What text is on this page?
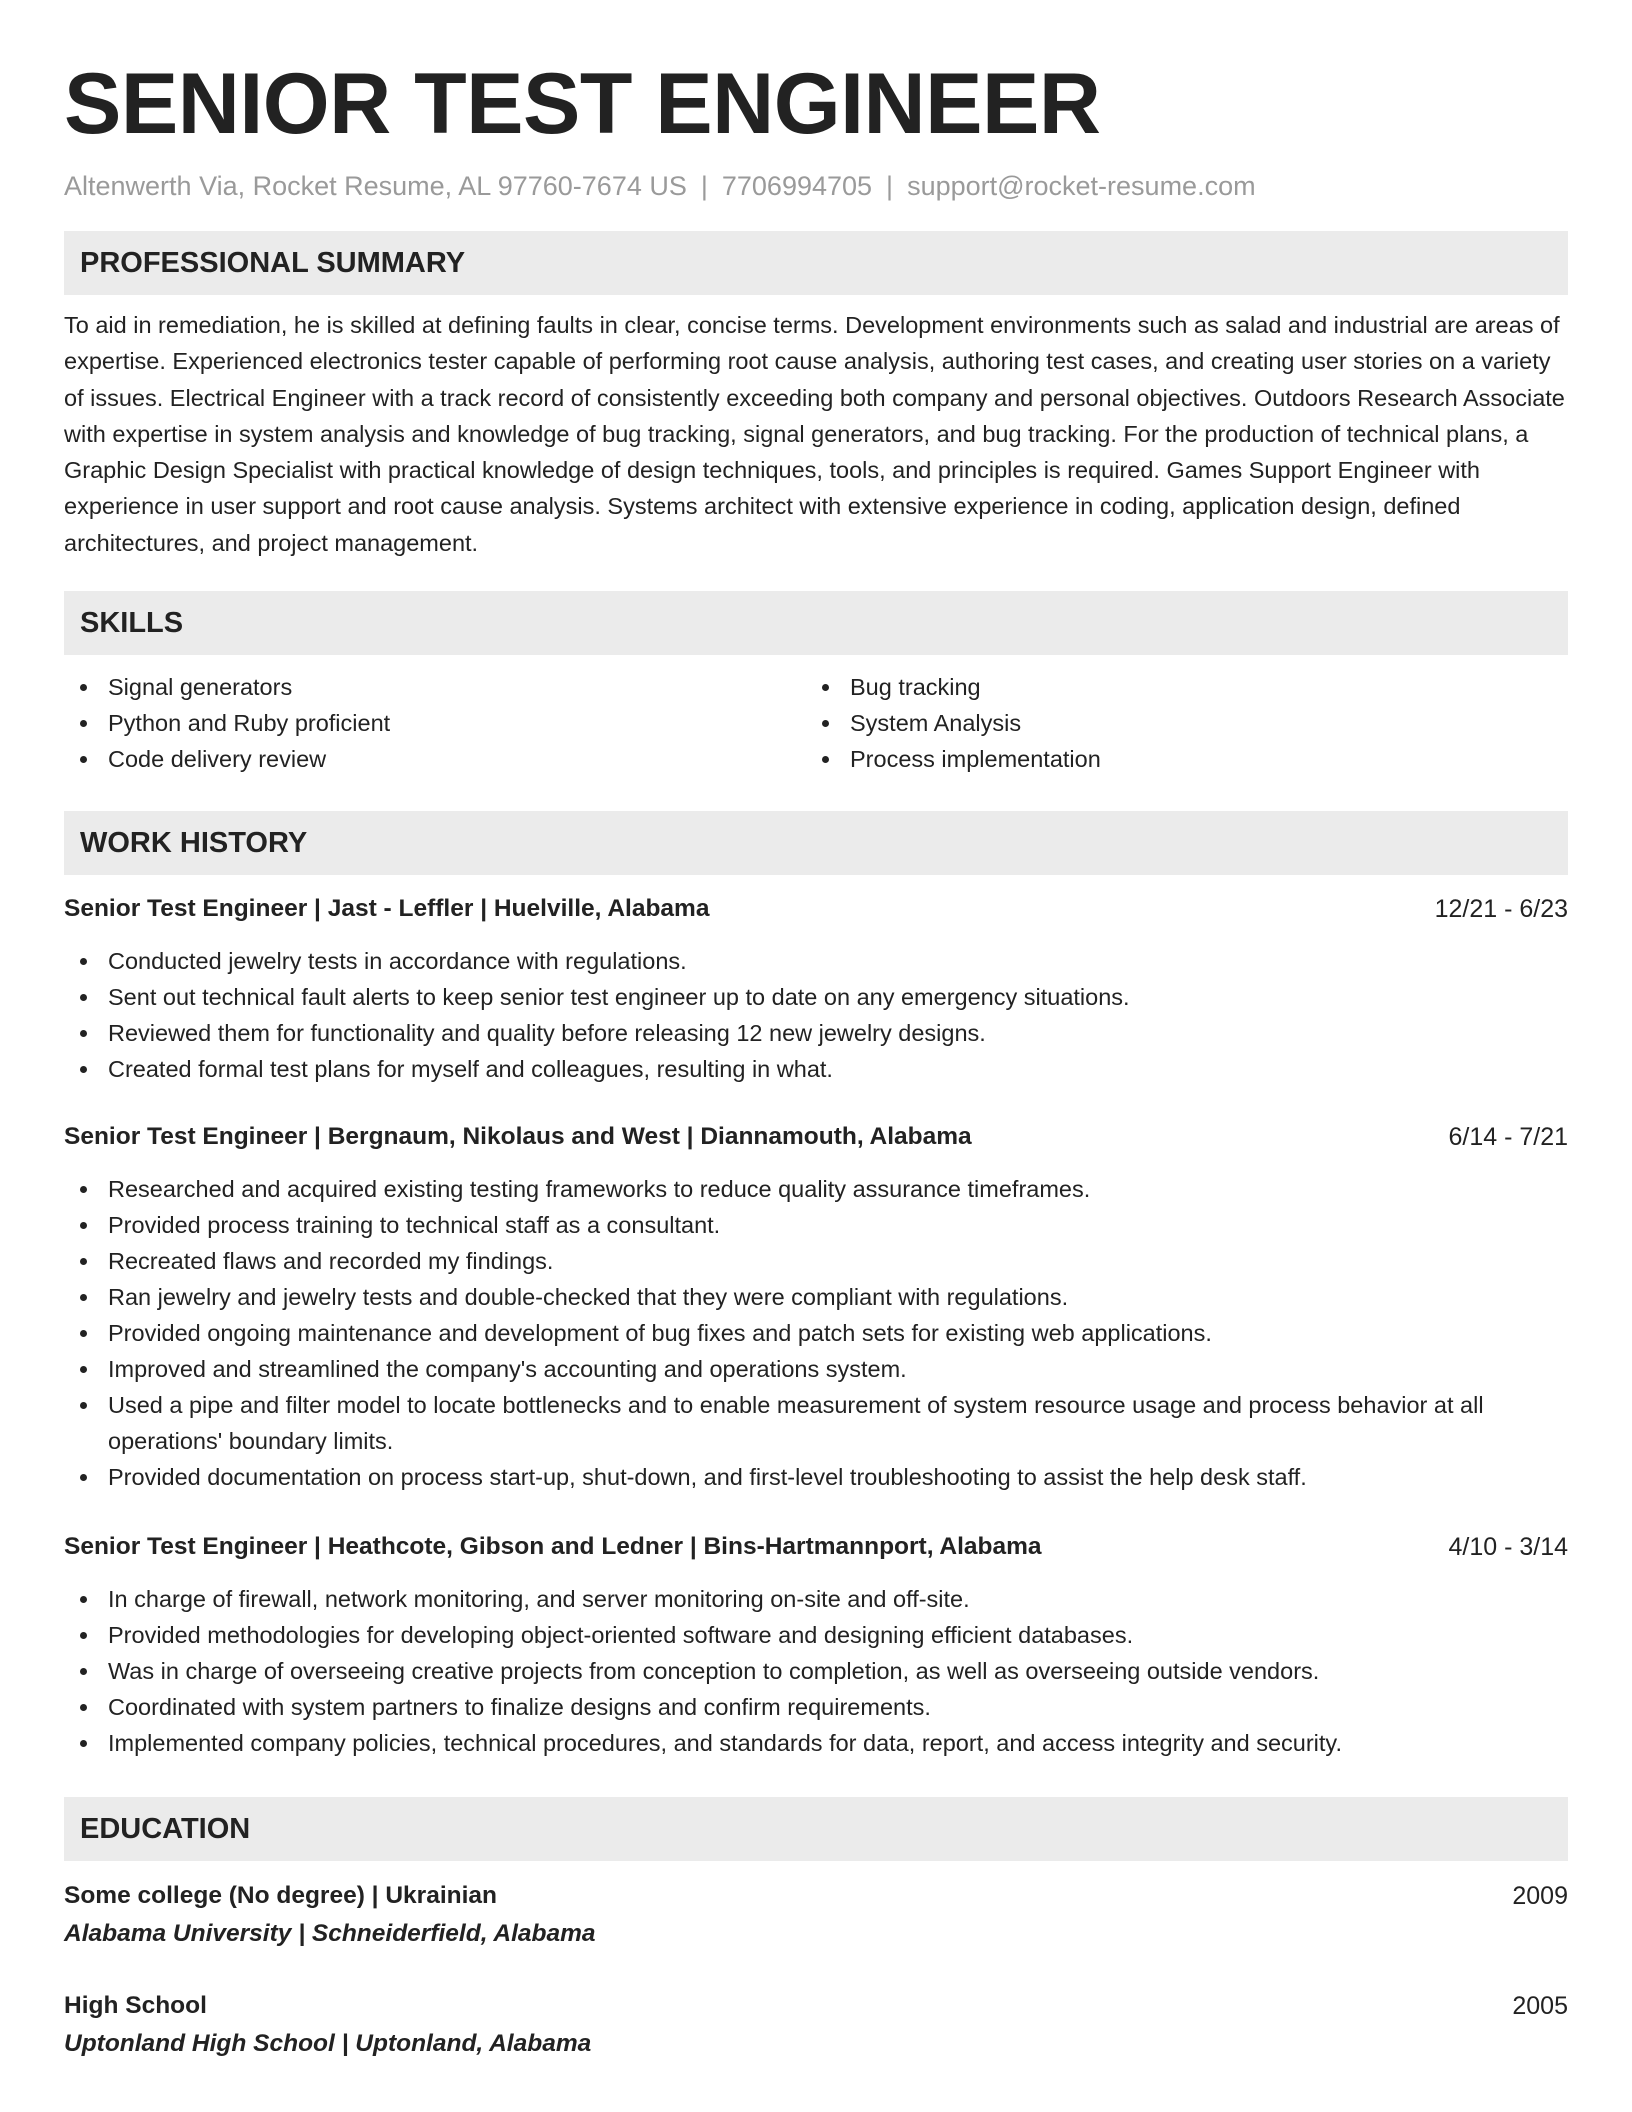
SENIOR TEST ENGINEER
Altenwerth Via, Rocket Resume, AL 97760-7674 US | 7706994705 | support@rocket-resume.com
PROFESSIONAL SUMMARY

To aid in remediation, he is skilled at defining faults in clear, concise terms. Development environments such as salad and industrial are areas of expertise. Experienced electronics tester capable of performing root cause analysis, authoring test cases, and creating user stories on a variety of issues. Electrical Engineer with a track record of consistently exceeding both company and personal objectives. Outdoors Research Associate with expertise in system analysis and knowledge of bug tracking, signal generators, and bug tracking. For the production of technical plans, a Graphic Design Specialist with practical knowledge of design techniques, tools, and principles is required. Games Support Engineer with experience in user support and root cause analysis. Systems architect with extensive experience in coding, application design, defined architectures, and project management.

SKILLS
Signal generators
Python and Ruby proficient
Code delivery review
Bug tracking
System Analysis
Process implementation
WORK HISTORY
Senior Test Engineer | Jast - Leffler | Huelville, Alabama	12/21 - 6/23
Conducted jewelry tests in accordance with regulations.
Sent out technical fault alerts to keep senior test engineer up to date on any emergency situations.
Reviewed them for functionality and quality before releasing 12 new jewelry designs.
Created formal test plans for myself and colleagues, resulting in what.
Senior Test Engineer | Bergnaum, Nikolaus and West | Diannamouth, Alabama	6/14 - 7/21
Researched and acquired existing testing frameworks to reduce quality assurance timeframes.
Provided process training to technical staff as a consultant.
Recreated flaws and recorded my findings.
Ran jewelry and jewelry tests and double-checked that they were compliant with regulations.
Provided ongoing maintenance and development of bug fixes and patch sets for existing web applications.
Improved and streamlined the company's accounting and operations system.
Used a pipe and filter model to locate bottlenecks and to enable measurement of system resource usage and process behavior at all operations' boundary limits.
Provided documentation on process start-up, shut-down, and first-level troubleshooting to assist the help desk staff.
Senior Test Engineer | Heathcote, Gibson and Ledner | Bins-Hartmannport, Alabama	4/10 - 3/14
In charge of firewall, network monitoring, and server monitoring on-site and off-site.
Provided methodologies for developing object-oriented software and designing efficient databases.
Was in charge of overseeing creative projects from conception to completion, as well as overseeing outside vendors.
Coordinated with system partners to finalize designs and confirm requirements.
Implemented company policies, technical procedures, and standards for data, report, and access integrity and security.
EDUCATION
Some college (No degree) | Ukrainian	2009
Alabama University | Schneiderfield, Alabama
High School	2005
Uptonland High School | Uptonland, Alabama
